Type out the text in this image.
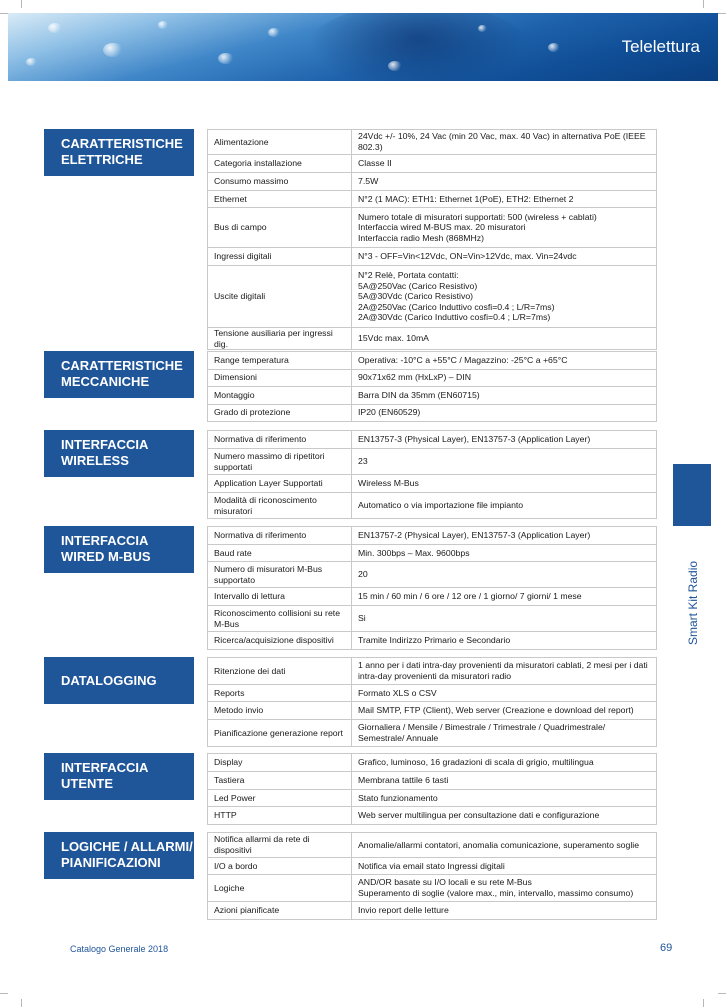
Telelettura
CARATTERISTICHE ELETTRICHE
Alimentazione	24Vdc +/- 10%, 24 Vac (min 20 Vac, max. 40 Vac) in alternativa PoE (IEEE 802.3)
Categoria installazione	Classe II
Consumo massimo	7.5W
Ethernet	N°2 (1 MAC): ETH1: Ethernet 1(PoE), ETH2: Ethernet 2
Bus di campo	Numero totale di misuratori supportati: 500 (wireless + cablati)
Interfaccia wired M-BUS max. 20 misuratori
Interfaccia radio Mesh (868MHz)
Ingressi digitali	N°3 - OFF=Vin<12Vdc, ON=Vin>12Vdc, max. Vin=24vdc
Uscite digitali	N°2 Relè, Portata contatti:
5A@250Vac (Carico Resistivo)
5A@30Vdc (Carico Resistivo)
2A@250Vac (Carico Induttivo cosfi=0.4 ; L/R=7ms)
2A@30Vdc (Carico Induttivo cosfi=0.4 ; L/R=7ms)
Tensione ausiliaria per ingressi dig.	15Vdc max. 10mA
CARATTERISTICHE MECCANICHE
Range temperatura	Operativa: -10°C a +55°C / Magazzino: -25°C a +65°C
Dimensioni	90x71x62 mm (HxLxP) – DIN
Montaggio	Barra DIN da 35mm (EN60715)
Grado di protezione	IP20 (EN60529)
INTERFACCIA WIRELESS
Normativa di riferimento	EN13757-3 (Physical Layer), EN13757-3 (Application Layer)
Numero massimo di ripetitori supportati	23
Application Layer Supportati	Wireless M-Bus
Modalità di riconoscimento misuratori	Automatico o via importazione file impianto
INTERFACCIA WIRED M-BUS
Normativa di riferimento	EN13757-2 (Physical Layer), EN13757-3 (Application Layer)
Baud rate	Min. 300bps – Max. 9600bps
Numero di misuratori M-Bus supportato	20
Intervallo di lettura	15 min / 60 min / 6 ore / 12 ore / 1 giorno/ 7 giorni/ 1 mese
Riconoscimento collisioni su rete M-Bus	Si
Ricerca/acquisizione dispositivi	Tramite Indirizzo Primario e Secondario
DATALOGGING
Ritenzione dei dati	1 anno per i dati intra-day provenienti da misuratori cablati, 2 mesi per i dati intra-day provenienti da misuratori radio
Reports	Formato XLS o CSV
Metodo invio	Mail SMTP, FTP (Client), Web server (Creazione e download del report)
Pianificazione generazione report	Giornaliera / Mensile / Bimestrale / Trimestrale / Quadrimestrale/ Semestrale/ Annuale
INTERFACCIA UTENTE
Display	Grafico, luminoso, 16 gradazioni di scala di grigio, multilingua
Tastiera	Membrana tattile 6 tasti
Led Power	Stato funzionamento
HTTP	Web server multilingua per consultazione dati e configurazione
LOGICHE / ALLARMI/ PIANIFICAZIONI
Notifica allarmi da rete di dispositivi	Anomalie/allarmi contatori, anomalia comunicazione, superamento soglie
I/O a bordo	Notifica via email stato Ingressi digitali
Logiche	AND/OR basate su I/O locali e su rete M-Bus
Superamento di soglie (valore max., min, intervallo, massimo consumo)
Azioni pianificate	Invio report delle letture
Smart Kit Radio
Catalogo Generale 2018	69
